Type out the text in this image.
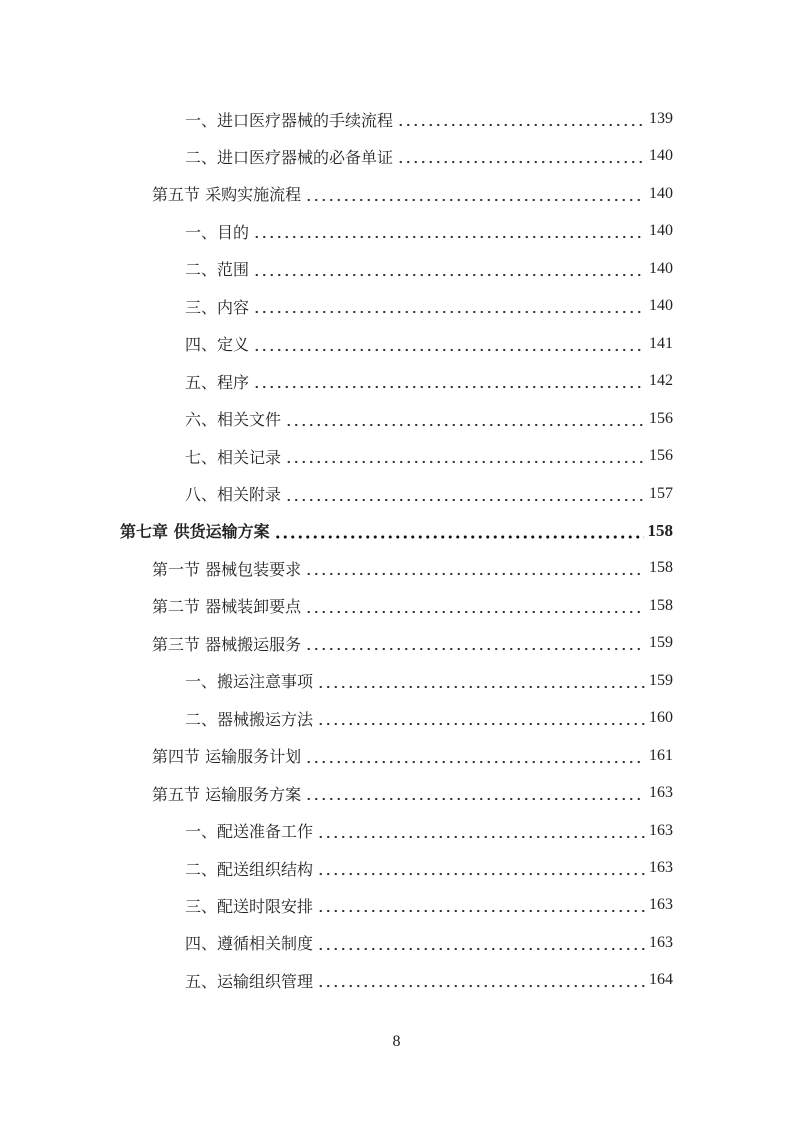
一、进口医疗器械的手续流程	139
二、进口医疗器械的必备单证	140
第五节 采购实施流程	140
一、目的	140
二、范围	140
三、内容	140
四、定义	141
五、程序	142
六、相关文件	156
七、相关记录	156
八、相关附录	157
第七章 供货运输方案	158
第一节 器械包装要求	158
第二节 器械装卸要点	158
第三节 器械搬运服务	159
一、搬运注意事项	159
二、器械搬运方法	160
第四节 运输服务计划	161
第五节 运输服务方案	163
一、配送准备工作	163
二、配送组织结构	163
三、配送时限安排	163
四、遵循相关制度	163
五、运输组织管理	164
8
